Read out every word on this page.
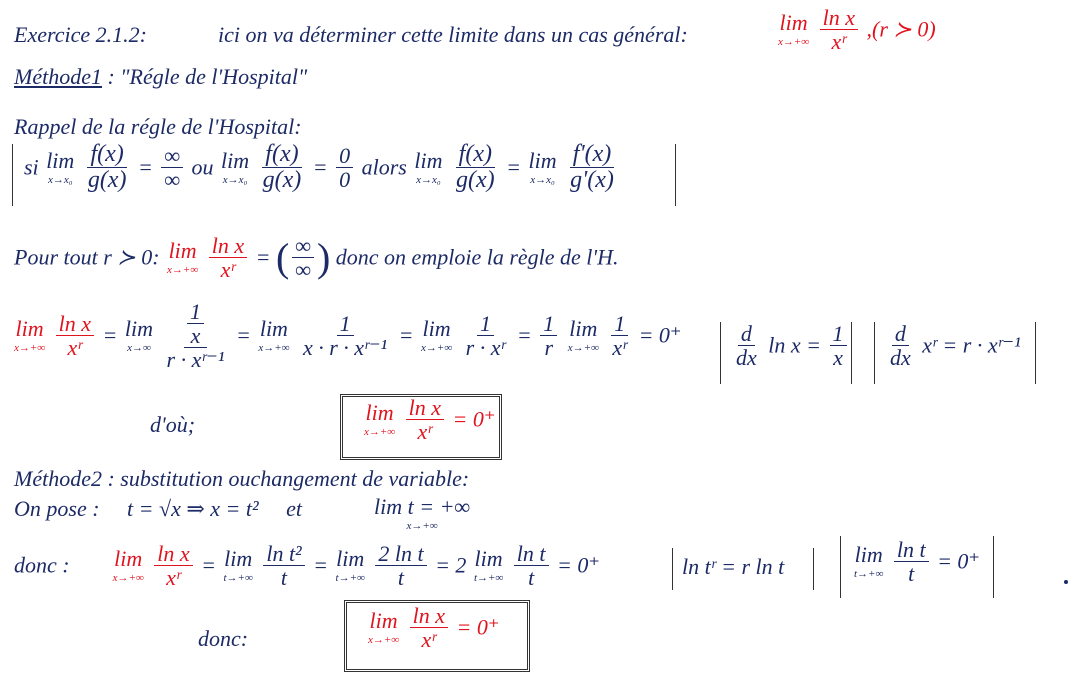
Exercice 2.1.2:	ici on va déterminer cette limite dans un cas général:	lim
x→+∞
$\frac{\text{ln x}}{\text{xʳ}} ,(r$ ≻ 0)
Méthode1 : "Régle de l'Hospital"
Rappel de la régle de l'Hospital:
si lim
x→x₀
$\frac{f(x)}{g(x)} = \frac{\infty}{\infty}$ ou lim
x→x₀
$\frac{f(x)}{g(x)} = \frac{0}{0}$ alors lim
x→x₀
$\frac{f(x)}{g(x)} = \lim$
x→x₀
$\frac{f'(x)}{g'(x)}$
Pour tout r ≻ 0: lim
x→+∞
$\frac{\text{ln x}}{\text{xʳ}}$ = ( $\frac{\infty}{\infty}$ ) donc on emploie la règle de l'H.
lim
x→+∞
$\frac{\text{ln x}}{\text{xʳ}} = \lim$
x→∞
$\frac{\frac{1}{x}}{\text{r · xʳ⁻¹}} = \lim$
x→+∞
$\frac{1}{\text{x · r · xʳ⁻¹}} = \lim$
x→+∞
$\frac{1}{\text{r · xʳ}} = \frac{1}{r}$
lim
x→+∞
$\frac{1}{\text{xʳ}} = 0^+ \frac{d}{dx}$ $\ln x = \frac{1}{x} \frac{d}{dx}$ xʳ = r · xʳ⁻¹
d'où;	lim
x→+∞
$\frac{\text{ln x}}{\text{xʳ}} = 0^+$
Méthode2 : substitution ouchangement de variable:
On pose : t = √x ⇒ x = t² et	lim t = +∞
x→+∞
donc : lim
x→+∞
$\frac{\text{ln x}}{\text{xʳ}} = \lim$
t→+∞
$\frac{\text{ln t²}}{t} = \lim$
t→+∞
$\frac{\text{2 ln t}}{t} = 2$ lim
t→+∞
$\frac{\text{ln t}}{t} = 0^+$	ln tʳ = r ln t	lim
t→+∞
$\frac{\text{ln t}}{t} = 0^+$
donc:
lim
x→+∞
$\frac{\text{ln x}}{\text{xʳ}} = 0^+$
